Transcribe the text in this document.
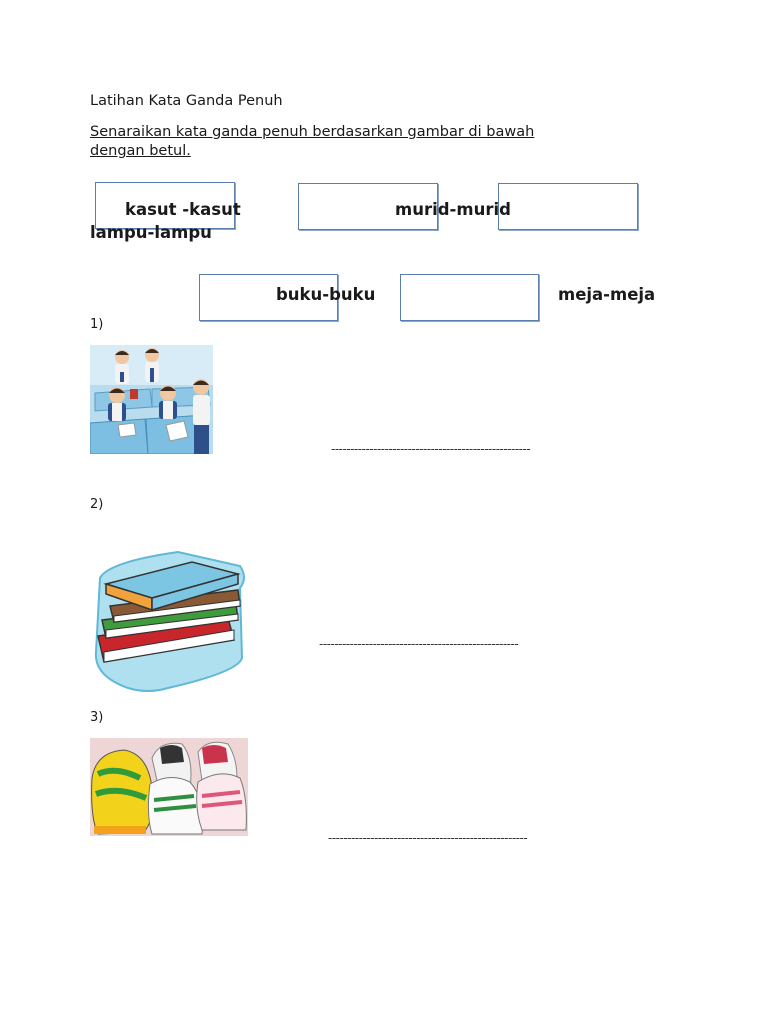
Latihan Kata Ganda Penuh
Senaraikan kata ganda penuh berdasarkan gambar di bawah
dengan betul.
kasut -kasut	murid-murid
lampu-lampu
buku-buku	meja-meja
1)
----------------------------------------------------
2)
----------------------------------------------------
3)
----------------------------------------------------
